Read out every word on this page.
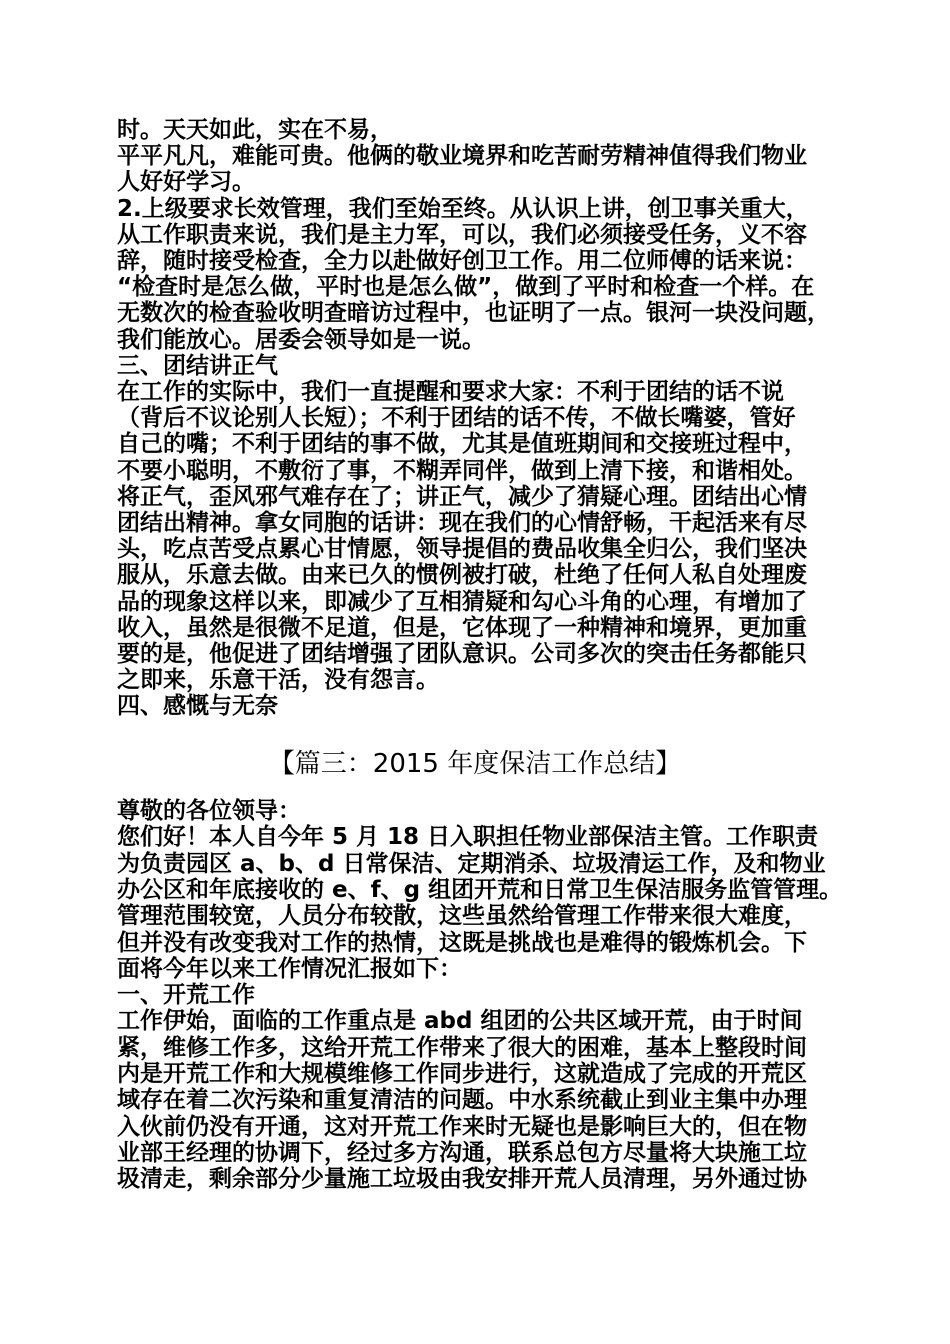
时。天天如此，实在不易，
平平凡凡，难能可贵。他俩的敬业境界和吃苦耐劳精神值得我们物业
人好好学习。
2.上级要求长效管理，我们至始至终。从认识上讲，创卫事关重大，
从工作职责来说，我们是主力军，可以，我们必须接受任务，义不容
辞，随时接受检查，全力以赴做好创卫工作。用二位师傅的话来说：
“检查时是怎么做，平时也是怎么做”，做到了平时和检查一个样。在
无数次的检查验收明查暗访过程中，也证明了一点。银河一块没问题，
我们能放心。居委会领导如是一说。
三、团结讲正气
在工作的实际中，我们一直提醒和要求大家：不利于团结的话不说
（背后不议论别人长短）；不利于团结的话不传，不做长嘴婆，管好
自己的嘴；不利于团结的事不做，尤其是值班期间和交接班过程中，
不要小聪明，不敷衍了事，不糊弄同伴，做到上清下接，和谐相处。
将正气，歪风邪气难存在了；讲正气，减少了猜疑心理。团结出心情
团结出精神。拿女同胞的话讲：现在我们的心情舒畅，干起活来有尽
头，吃点苦受点累心甘情愿，领导提倡的费品收集全归公，我们坚决
服从，乐意去做。由来已久的惯例被打破，杜绝了任何人私自处理废
品的现象这样以来，即减少了互相猜疑和勾心斗角的心理，有增加了
收入，虽然是很微不足道，但是，它体现了一种精神和境界，更加重
要的是，他促进了团结增强了团队意识。公司多次的突击任务都能只
之即来，乐意干活，没有怨言。
四、感慨与无奈
【篇三：2015 年度保洁工作总结】
尊敬的各位领导：
您们好！本人自今年 5 月 18 日入职担任物业部保洁主管。工作职责
为负责园区 a、b、d 日常保洁、定期消杀、垃圾清运工作，及和物业
办公区和年底接收的 e、f、g 组团开荒和日常卫生保洁服务监管管理。
管理范围较宽，人员分布较散，这些虽然给管理工作带来很大难度，
但并没有改变我对工作的热情，这既是挑战也是难得的锻炼机会。下
面将今年以来工作情况汇报如下：
一、开荒工作
工作伊始，面临的工作重点是 abd 组团的公共区域开荒，由于时间
紧，维修工作多，这给开荒工作带来了很大的困难，基本上整段时间
内是开荒工作和大规模维修工作同步进行，这就造成了完成的开荒区
域存在着二次污染和重复清洁的问题。中水系统截止到业主集中办理
入伙前仍没有开通，这对开荒工作来时无疑也是影响巨大的，但在物
业部王经理的协调下，经过多方沟通，联系总包方尽量将大块施工垃
圾清走，剩余部分少量施工垃圾由我安排开荒人员清理，另外通过协
